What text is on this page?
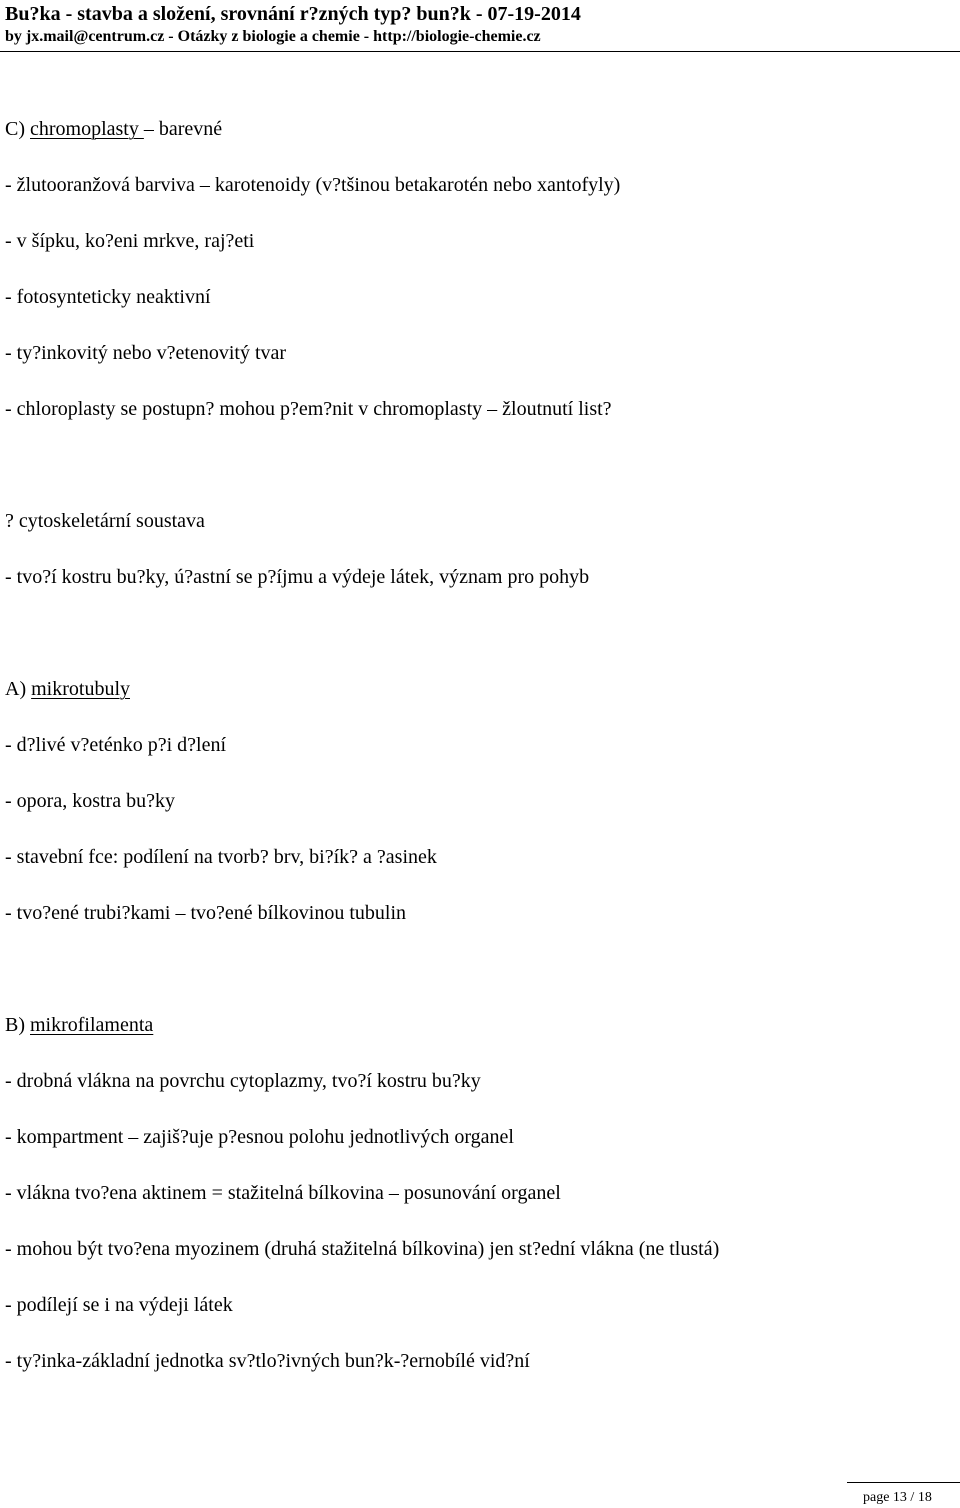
Bu?ka - stavba a složení, srovnání r?zných typ? bun?k - 07-19-2014
by jx.mail@centrum.cz - Otázky z biologie a chemie - http://biologie-chemie.cz
C) chromoplasty – barevné
- žlutooranžová barviva – karotenoidy (v?tšinou betakarotén nebo xantofyly)
- v šípku, ko?eni mrkve, raj?eti
- fotosynteticky neaktivní
- ty?inkovitý nebo v?etenovitý tvar
- chloroplasty se postupn? mohou p?em?nit v chromoplasty – žloutnutí list?
? cytoskeletární soustava
- tvo?í kostru bu?ky, ú?astní se p?íjmu a výdeje látek, význam pro pohyb
A) mikrotubuly
- d?livé v?eténko p?i d?lení
- opora, kostra bu?ky
- stavební fce: podílení na tvorb? brv, bi?ík? a ?asinek
- tvo?ené trubi?kami – tvo?ené bílkovinou tubulin
B) mikrofilamenta
- drobná vlákna na povrchu cytoplazmy, tvo?í kostru bu?ky
- kompartment – zajiš?uje p?esnou polohu jednotlivých organel
- vlákna tvo?ena aktinem = stažitelná bílkovina – posunování organel
- mohou být tvo?ena myozinem (druhá stažitelná bílkovina) jen st?ední vlákna (ne tlustá)
- podílejí se i na výdeji látek
- ty?inka-základní jednotka sv?tlo?ivných bun?k-?ernobílé vid?ní
page 13 / 18
